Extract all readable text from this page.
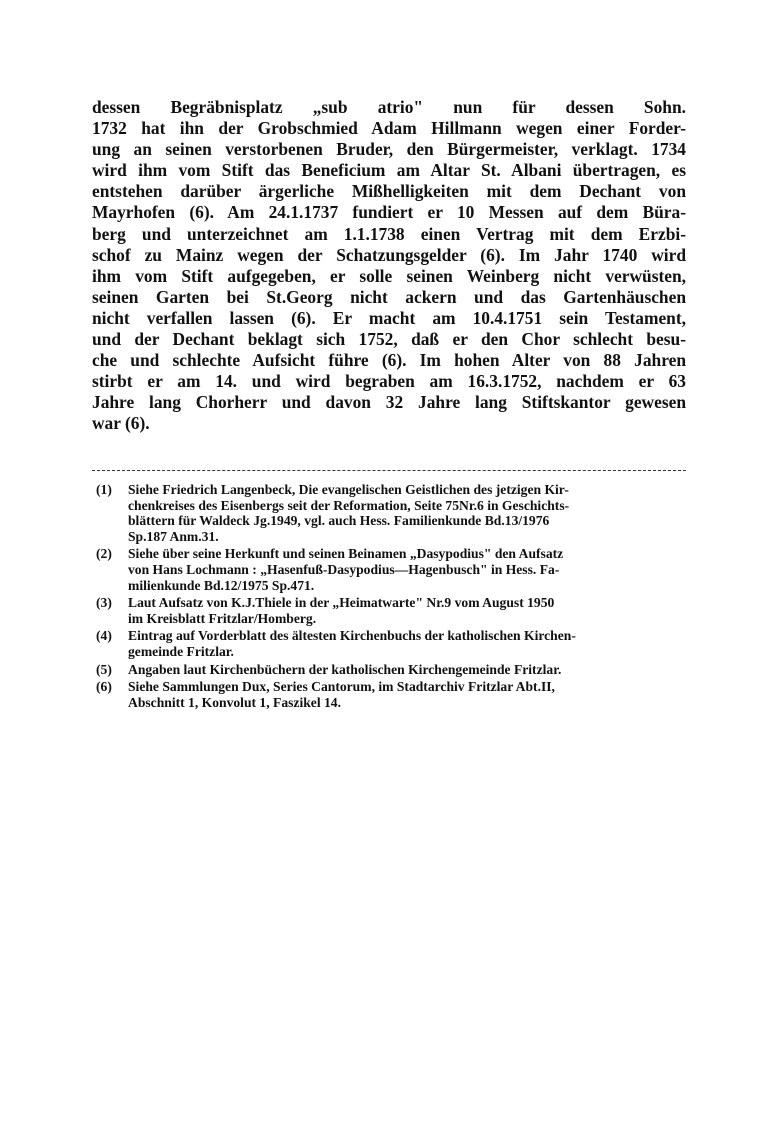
dessen Begräbnisplatz „sub atrio" nun für dessen Sohn.
1732 hat ihn der Grobschmied Adam Hillmann wegen einer Forder-
ung an seinen verstorbenen Bruder, den Bürgermeister, verklagt. 1734
wird ihm vom Stift das Beneficium am Altar St. Albani übertragen, es
entstehen darüber ärgerliche Mißhelligkeiten mit dem Dechant von
Mayrhofen (6). Am 24.1.1737 fundiert er 10 Messen auf dem Büra-
berg und unterzeichnet am 1.1.1738 einen Vertrag mit dem Erzbi-
schof zu Mainz wegen der Schatzungsgelder (6). Im Jahr 1740 wird
ihm vom Stift aufgegeben, er solle seinen Weinberg nicht verwüsten,
seinen Garten bei St.Georg nicht ackern und das Gartenhäuschen
nicht verfallen lassen (6). Er macht am 10.4.1751 sein Testament,
und der Dechant beklagt sich 1752, daß er den Chor schlecht besu-
che und schlechte Aufsicht führe (6). Im hohen Alter von 88 Jahren
stirbt er am 14. und wird begraben am 16.3.1752, nachdem er 63
Jahre lang Chorherr und davon 32 Jahre lang Stiftskantor gewesen
war (6).

(1) Siehe Friedrich Langenbeck, Die evangelischen Geistlichen des jetzigen Kir-
chenkreises des Eisenbergs seit der Reformation, Seite 75Nr.6 in Geschichts-
blättern für Waldeck Jg.1949, vgl. auch Hess. Familienkunde Bd.13/1976
Sp.187 Anm.31.
(2) Siehe über seine Herkunft und seinen Beinamen „Dasypodius" den Aufsatz
von Hans Lochmann : „Hasenfuß-Dasypodius—Hagenbusch" in Hess. Fa-
milienkunde Bd.12/1975 Sp.471.
(3) Laut Aufsatz von K.J.Thiele in der „Heimatwarte" Nr.9 vom August 1950
im Kreisblatt Fritzlar/Homberg.
(4) Eintrag auf Vorderblatt des ältesten Kirchenbuchs der katholischen Kirchen-
gemeinde Fritzlar.
(5) Angaben laut Kirchenbüchern der katholischen Kirchengemeinde Fritzlar.
(6) Siehe Sammlungen Dux, Series Cantorum, im Stadtarchiv Fritzlar Abt.II,
Abschnitt 1, Konvolut 1, Faszikel 14.
